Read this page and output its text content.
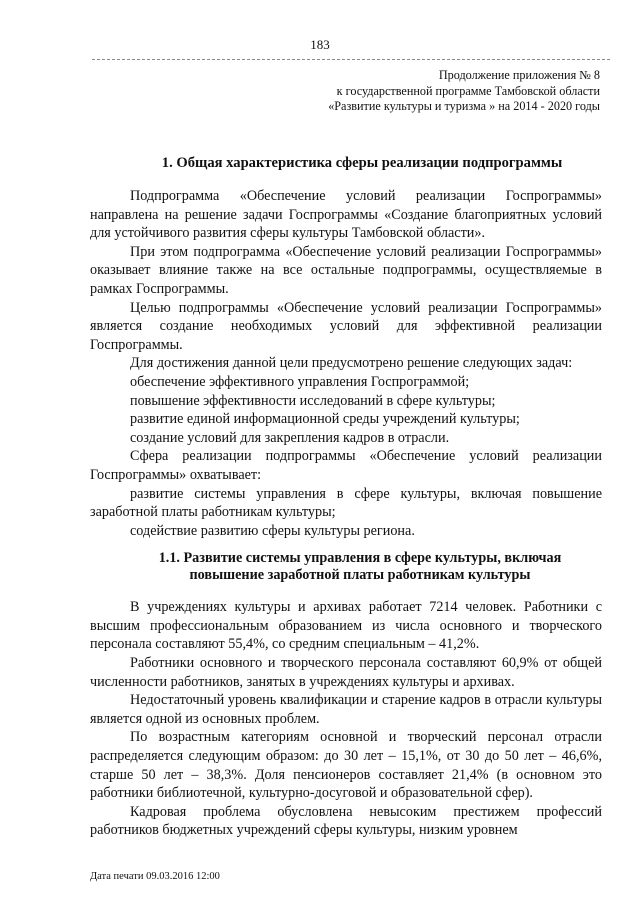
183
Продолжение приложения № 8
к государственной программе Тамбовской области
«Развитие культуры и туризма » на 2014 - 2020 годы
1. Общая характеристика сферы реализации подпрограммы

Подпрограмма «Обеспечение условий реализации Госпрограммы» направлена на решение задачи Госпрограммы «Создание благоприятных условий для устойчивого развития сферы культуры Тамбовской области».

При этом подпрограмма «Обеспечение условий реализации Госпрограммы» оказывает влияние также на все остальные подпрограммы, осуществляемые в рамках Госпрограммы.

Целью подпрограммы «Обеспечение условий реализации Госпрограммы» является создание необходимых условий для эффективной реализации Госпрограммы.

Для достижения данной цели предусмотрено решение следующих задач:

обеспечение эффективного управления Госпрограммой;

повышение эффективности исследований в сфере культуры;

развитие единой информационной среды учреждений культуры;

создание условий для закрепления кадров в отрасли.

Сфера реализации подпрограммы «Обеспечение условий реализации Госпрограммы» охватывает:

развитие системы управления в сфере культуры, включая повышение заработной платы работникам культуры;

содействие развитию сферы культуры региона.

1.1. Развитие системы управления в сфере культуры, включая
повышение заработной платы работникам культуры

В учреждениях культуры и архивах работает 7214 человек. Работники с высшим профессиональным образованием из числа основного и творческого персонала составляют 55,4%, со средним специальным – 41,2%.

Работники основного и творческого персонала составляют 60,9% от общей численности работников, занятых в учреждениях культуры и архивах.

Недостаточный уровень квалификации и старение кадров в отрасли культуры является одной из основных проблем.

По возрастным категориям основной и творческий персонал отрасли распределяется следующим образом: до 30 лет – 15,1%, от 30 до 50 лет – 46,6%, старше 50 лет – 38,3%. Доля пенсионеров составляет 21,4% (в основном это работники библиотечной, культурно-досуговой и образовательной сфер).

Кадровая проблема обусловлена невысоким престижем профессий работников бюджетных учреждений сферы культуры, низким уровнем

Дата печати 09.03.2016 12:00
